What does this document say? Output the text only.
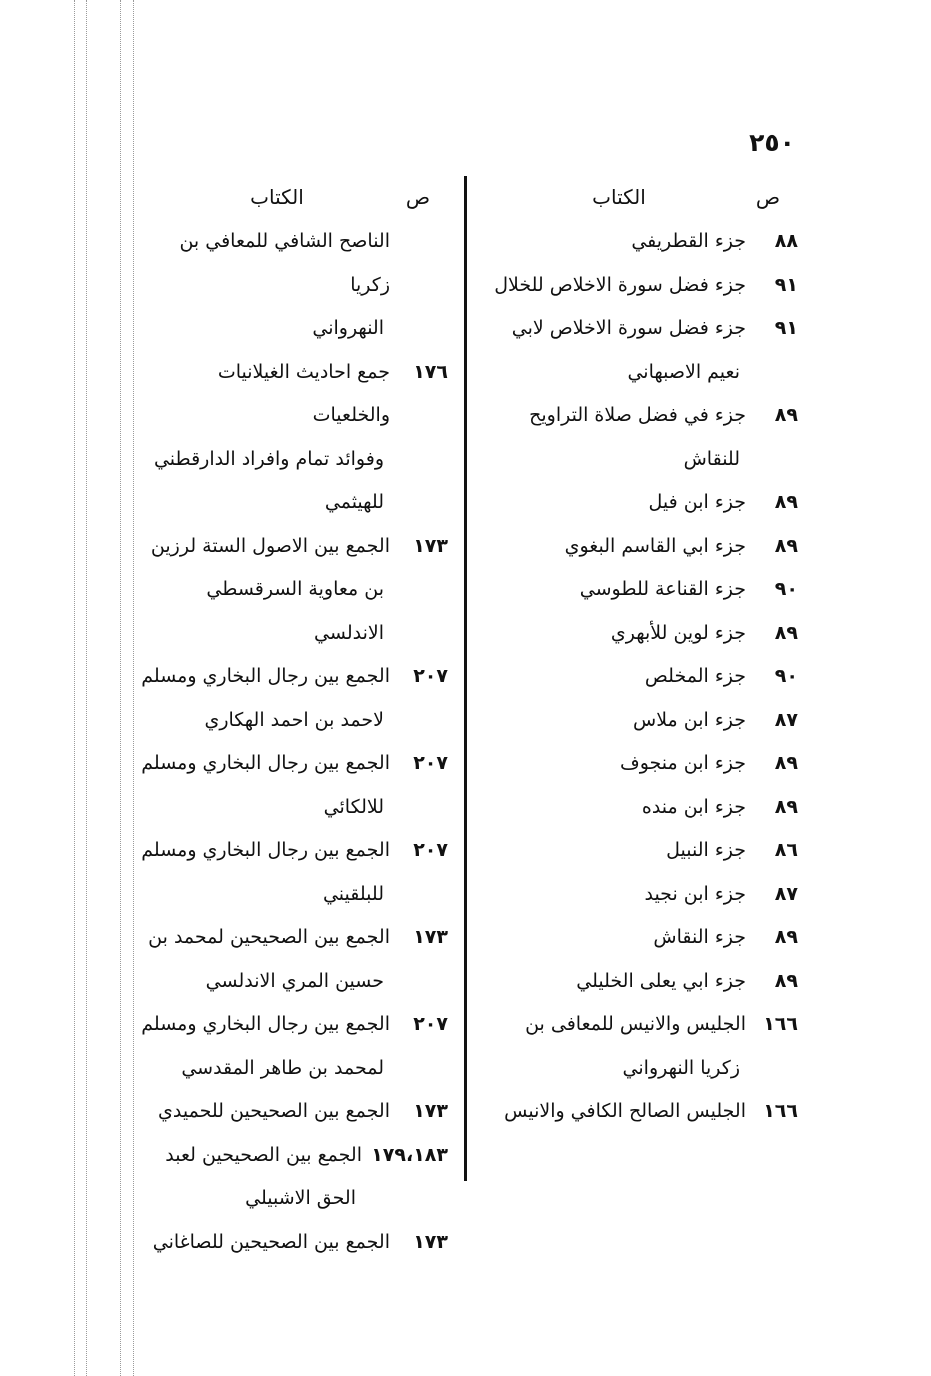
٢٥٠
ص
الكتاب
٨٨
جزء القطريفي
٩١
جزء فضل سورة الاخلاص للخلال
٩١
جزء فضل سورة الاخلاص لابي
نعيم الاصبهاني
٨٩
جزء في فضل صلاة التراويح
للنقاش
٨٩
جزء ابن فيل
٨٩
جزء ابي القاسم البغوي
٩٠
جزء القناعة للطوسي
٨٩
جزء لوين للأبهري
٩٠
جزء المخلص
٨٧
جزء ابن ملاس
٨٩
جزء ابن منجوف
٨٩
جزء ابن منده
٨٦
جزء النبيل
٨٧
جزء ابن نجيد
٨٩
جزء النقاش
٨٩
جزء ابي يعلى الخليلي
١٦٦
الجليس والانيس للمعافى بن
زكريا النهرواني
١٦٦
الجليس الصالح الكافي والانيس
ص
الكتاب
الناصح الشافي للمعافي بن زكريا
النهرواني
١٧٦
جمع احاديث الغيلانيات والخلعيات
وفوائد تمام وافراد الدارقطني
للهيثمي
١٧٣
الجمع بين الاصول الستة لرزين
بن معاوية السرقسطي الاندلسي
٢٠٧
الجمع بين رجال البخاري ومسلم
لاحمد بن احمد الهكاري
٢٠٧
الجمع بين رجال البخاري ومسلم
للالكائي
٢٠٧
الجمع بين رجال البخاري ومسلم
للبلقيني
١٧٣
الجمع بين الصحيحين لمحمد بن
حسين المري الاندلسي
٢٠٧
الجمع بين رجال البخاري ومسلم
لمحمد بن طاهر المقدسي
١٧٣
الجمع بين الصحيحين للحميدي
١٧٩،١٨٣
الجمع بين الصحيحين لعبد
الحق الاشبيلي
١٧٣
الجمع بين الصحيحين للصاغاني
